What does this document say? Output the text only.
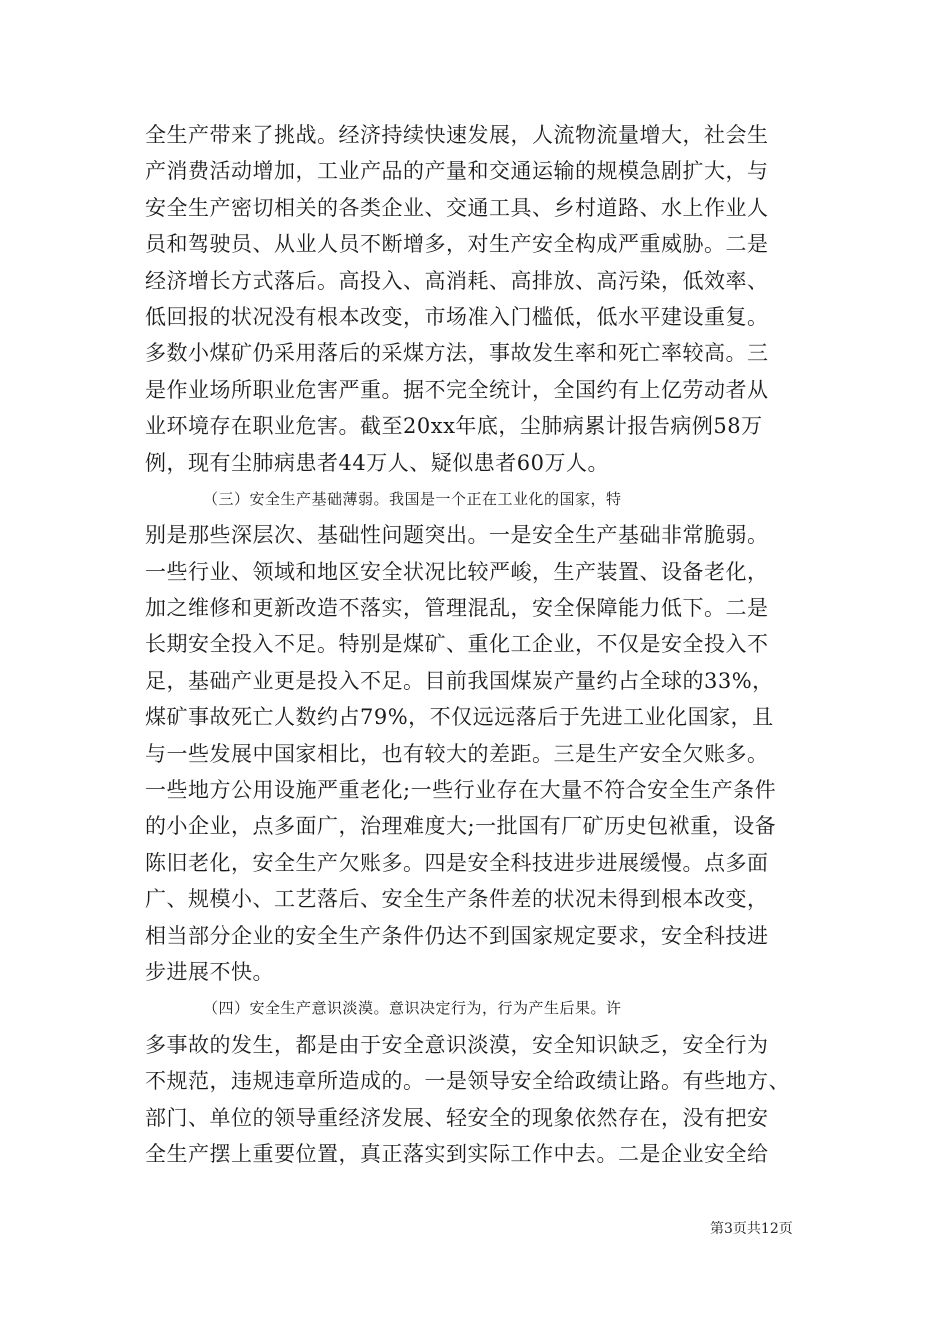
全生产带来了挑战。经济持续快速发展，人流物流量增大，社会生
产消费活动增加，工业产品的产量和交通运输的规模急剧扩大，与
安全生产密切相关的各类企业、交通工具、乡村道路、水上作业人
员和驾驶员、从业人员不断增多，对生产安全构成严重威胁。二是
经济增长方式落后。高投入、高消耗、高排放、高污染，低效率、
低回报的状况没有根本改变，市场准入门槛低，低水平建设重复。
多数小煤矿仍采用落后的采煤方法，事故发生率和死亡率较高。三
是作业场所职业危害严重。据不完全统计，全国约有上亿劳动者从
业环境存在职业危害。截至20xx年底，尘肺病累计报告病例58万
例，现有尘肺病患者44万人、疑似患者60万人。
（三）安全生产基础薄弱。我国是一个正在工业化的国家，特
别是那些深层次、基础性问题突出。一是安全生产基础非常脆弱。
一些行业、领域和地区安全状况比较严峻，生产装置、设备老化，
加之维修和更新改造不落实，管理混乱，安全保障能力低下。二是
长期安全投入不足。特别是煤矿、重化工企业，不仅是安全投入不
足，基础产业更是投入不足。目前我国煤炭产量约占全球的33%，
煤矿事故死亡人数约占79%，不仅远远落后于先进工业化国家，且
与一些发展中国家相比，也有较大的差距。三是生产安全欠账多。
一些地方公用设施严重老化;一些行业存在大量不符合安全生产条件
的小企业，点多面广，治理难度大;一批国有厂矿历史包袱重，设备
陈旧老化，安全生产欠账多。四是安全科技进步进展缓慢。点多面
广、规模小、工艺落后、安全生产条件差的状况未得到根本改变，
相当部分企业的安全生产条件仍达不到国家规定要求，安全科技进
步进展不快。
（四）安全生产意识淡漠。意识决定行为，行为产生后果。许
多事故的发生，都是由于安全意识淡漠，安全知识缺乏，安全行为
不规范，违规违章所造成的。一是领导安全给政绩让路。有些地方、
部门、单位的领导重经济发展、轻安全的现象依然存在，没有把安
全生产摆上重要位置，真正落实到实际工作中去。二是企业安全给
第3页共12页
